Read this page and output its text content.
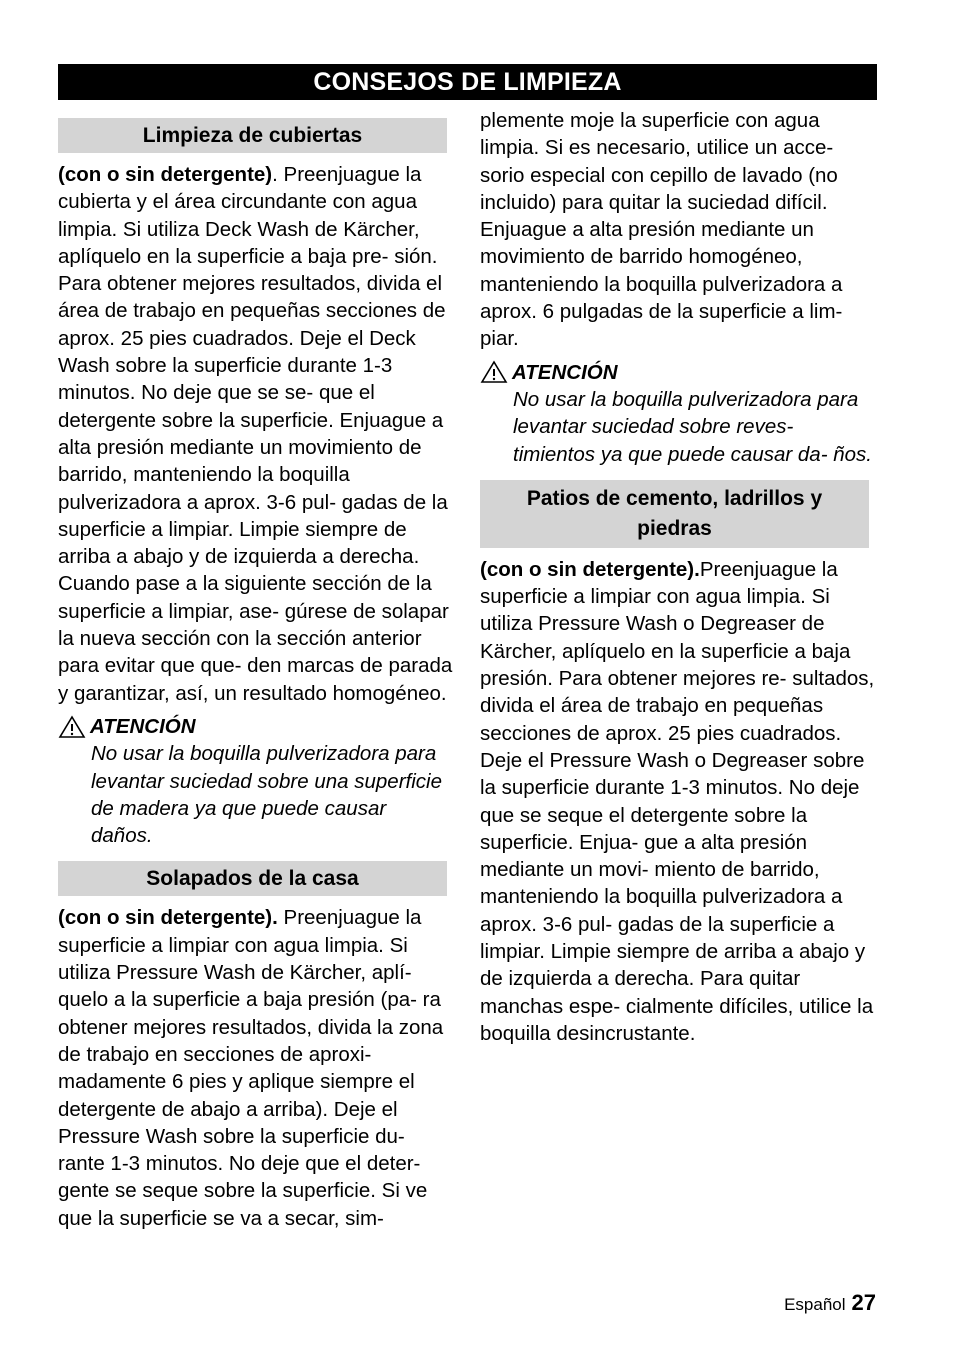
CONSEJOS DE LIMPIEZA
Limpieza de cubiertas

(con o sin detergente). Preenjuague la cubierta y el área circundante con agua limpia. Si utiliza Deck Wash de Kärcher, aplíquelo en la superficie a baja pre- sión. Para obtener mejores resultados, divida el área de trabajo en pequeñas secciones de aprox. 25 pies cuadrados. Deje el Deck Wash sobre la superficie durante 1-3 minutos. No deje que se se- que el detergente sobre la superficie. Enjuague a alta presión mediante un movimiento de barrido, manteniendo la boquilla pulverizadora a aprox. 3-6 pul- gadas de la superficie a limpiar. Limpie siempre de arriba a abajo y de izquierda a derecha. Cuando pase a la siguiente sección de la superficie a limpiar, ase- gúrese de solapar la nueva sección con la sección anterior para evitar que que- den marcas de parada y garantizar, así, un resultado homogéneo.

ATENCIÓN

No usar la boquilla pulverizadora para levantar suciedad sobre una superficie de madera ya que puede causar daños.

Solapados de la casa

(con o sin detergente). Preenjuague la superficie a limpiar con agua limpia. Si utiliza Pressure Wash de Kärcher, aplí- quelo a la superficie a baja presión (pa- ra obtener mejores resultados, divida la zona de trabajo en secciones de aproxi- madamente 6 pies y aplique siempre el detergente de abajo a arriba). Deje el Pressure Wash sobre la superficie du- rante 1-3 minutos. No deje que el deter- gente se seque sobre la superficie. Si ve que la superficie se va a secar, sim-

plemente moje la superficie con agua limpia. Si es necesario, utilice un acce- sorio especial con cepillo de lavado (no incluido) para quitar la suciedad difícil. Enjuague a alta presión mediante un movimiento de barrido homogéneo, manteniendo la boquilla pulverizadora a aprox. 6 pulgadas de la superficie a lim- piar.

ATENCIÓN

No usar la boquilla pulverizadora para levantar suciedad sobre reves- timientos ya que puede causar da- ños.

Patios de cemento, ladrillos y piedras

(con o sin detergente).Preenjuague la superficie a limpiar con agua limpia. Si utiliza Pressure Wash o Degreaser de Kärcher, aplíquelo en la superficie a baja presión. Para obtener mejores re- sultados, divida el área de trabajo en pequeñas secciones de aprox. 25 pies cuadrados. Deje el Pressure Wash o Degreaser sobre la superficie durante 1-3 minutos. No deje que se seque el detergente sobre la superficie. Enjua- gue a alta presión mediante un movi- miento de barrido, manteniendo la boquilla pulverizadora a aprox. 3-6 pul- gadas de la superficie a limpiar. Limpie siempre de arriba a abajo y de izquierda a derecha. Para quitar manchas espe- cialmente difíciles, utilice la boquilla desincrustante.

Español 27
